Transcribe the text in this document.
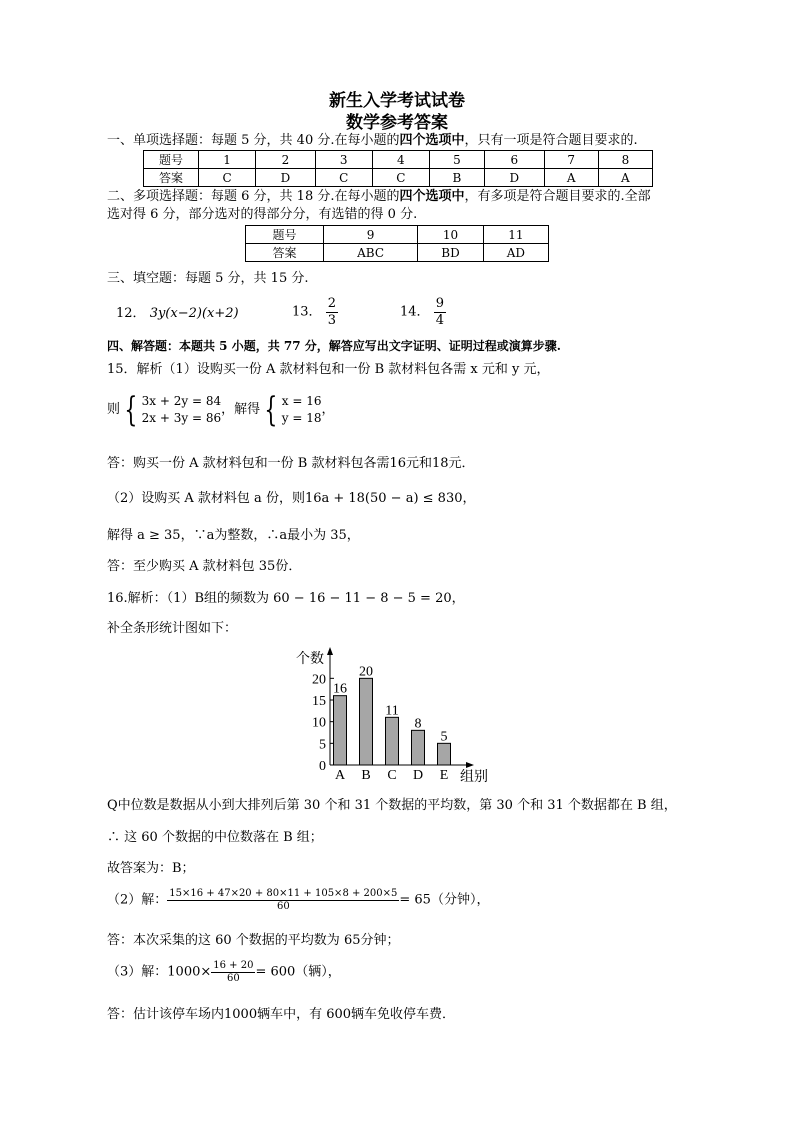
新生入学考试试卷
数学参考答案
一、单项选择题：每题 5 分，共 40 分.在每小题的四个选项中，只有一项是符合题目要求的.
题号	1	2	3	4	5	6	7	8
答案	C	D	C	C	B	D	A	A
二、多项选择题：每题 6 分，共 18 分.在每小题的四个选项中，有多项是符合题目要求的.全部
选对得 6 分，部分选对的得部分分，有选错的得 0 分.
题号	9	10	11
答案	ABC	BD	AD
三、填空题：每题 5 分，共 15 分.
12． 3y(x−2)(x+2)	13． $\frac{2}{3}$	14． $\frac{9}{4}$
四、解答题：本题共 5 小题，共 77 分，解答应写出文字证明、证明过程或演算步骤.
15．解析（1）设购买一份 A 款材料包和一份 B 款材料包各需 x 元和 y 元，
则 { 3x + 2y = 84
2x + 3y = 86
，解得 { x = 16
y = 18
，
答：购买一份 A 款材料包和一份 B 款材料包各需16元和18元．
（2）设购买 A 款材料包 a 份，则16a + 18(50 − a) ≤ 830，
解得 a ≥ 35，∵a为整数，∴a最小为 35，
答：至少购买 A 款材料包 35份．
16.解析：（1）B组的频数为 60 − 16 − 11 − 8 − 5 = 20，
补全条形统计图如下：
0
5
10
15
20
个数
组别
16
A
20
B
11
C
8
D
5
E
Q中位数是数据从小到大排列后第 30 个和 31 个数据的平均数，第 30 个和 31 个数据都在 B 组，
∴ 这 60 个数据的中位数落在 B 组；
故答案为：B；
（2）解： $\frac{15\times 16 + 47\times 20 + 80\times 11 + 105\times 8 + 200\times 5}{60} = 65$（分钟），
答：本次采集的这 60 个数据的平均数为 65分钟；
（3）解：$1000\times \frac{16 + 20}{60} = 600$（辆），
答：估计该停车场内1000辆车中，有 600辆车免收停车费．
